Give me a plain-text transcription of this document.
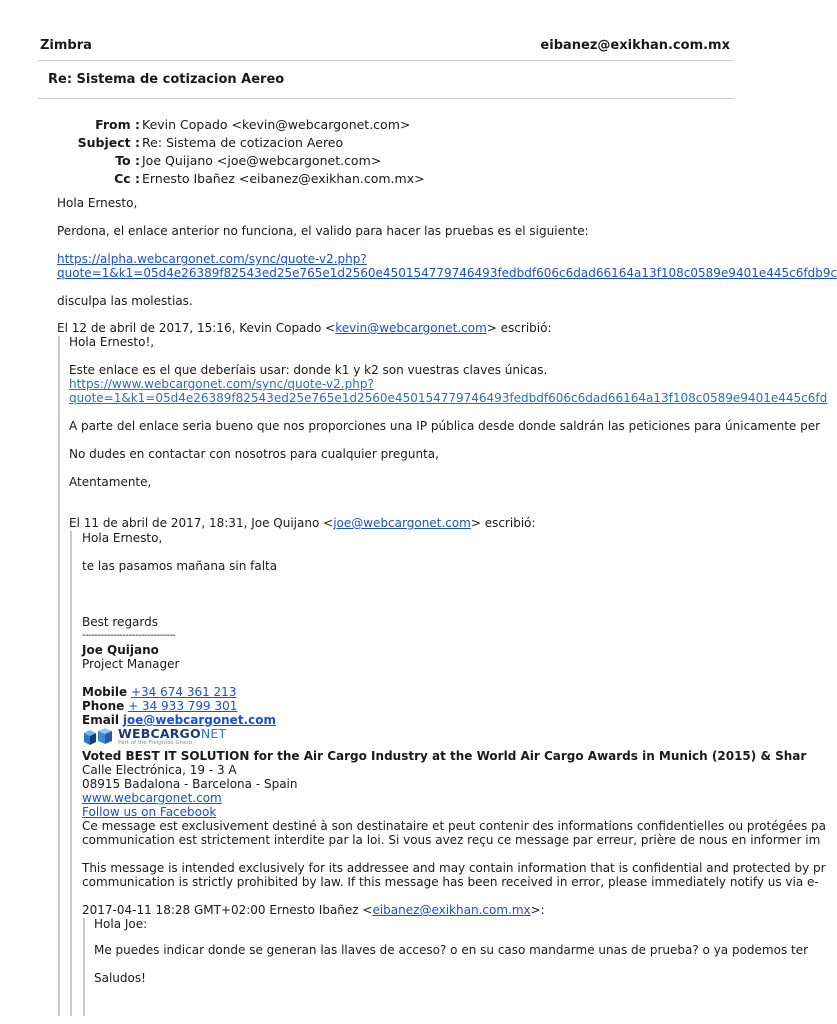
Zimbra	eibanez@exikhan.com.mx
Re: Sistema de cotizacion Aereo
From : Kevin Copado <kevin@webcargonet.com>
Subject : Re: Sistema de cotizacion Aereo
To : Joe Quijano <joe@webcargonet.com>
Cc : Ernesto Ibañez <eibanez@exikhan.com.mx>
Hola Ernesto,
Perdona, el enlace anterior no funciona, el valido para hacer las pruebas es el siguiente:
https://alpha.webcargonet.com/sync/quote-v2.php?
quote=1&k1=05d4e26389f82543ed25e765e1d2560e450154779746493fedbdf606c6dad66164a13f108c0589e9401e445c6fdb9c
disculpa las molestias.
El 12 de abril de 2017, 15:16, Kevin Copado <kevin@webcargonet.com> escribió:
Hola Ernesto!,
Este enlace es el que deberíais usar: donde k1 y k2 son vuestras claves únicas.
https://www.webcargonet.com/sync/quote-v2.php?
quote=1&k1=05d4e26389f82543ed25e765e1d2560e450154779746493fedbdf606c6dad66164a13f108c0589e9401e445c6fd
A parte del enlace seria bueno que nos proporciones una IP pública desde donde saldrán las peticiones para únicamente per
No dudes en contactar con nosotros para cualquier pregunta,
Atentamente,
El 11 de abril de 2017, 18:31, Joe Quijano <joe@webcargonet.com> escribió:
Hola Ernesto,
te las pasamos mañana sin falta
Best regards
------------------------------
Joe Quijano
Project Manager
Mobile +34 674 361 213
Phone + 34 933 799 301
Email joe@webcargonet.com
WEBCARGONET
Part of the Freightos Group
Voted BEST IT SOLUTION for the Air Cargo Industry at the World Air Cargo Awards in Munich (2015) & Shar
Calle Electrónica, 19 - 3 A
08915 Badalona - Barcelona - Spain
www.webcargonet.com
Follow us on Facebook
Ce message est exclusivement destiné à son destinataire et peut contenir des informations confidentielles ou protégées pa
communication est strictement interdite par la loi. Si vous avez reçu ce message par erreur, prière de nous en informer im
This message is intended exclusively for its addressee and may contain information that is confidential and protected by pr
communication is strictly prohibited by law. If this message has been received in error, please immediately notify us via e-
2017-04-11 18:28 GMT+02:00 Ernesto Ibañez <eibanez@exikhan.com.mx>:
Hola Joe:
Me puedes indicar donde se generan las llaves de acceso? o en su caso mandarme unas de prueba? o ya podemos ter
Saludos!
